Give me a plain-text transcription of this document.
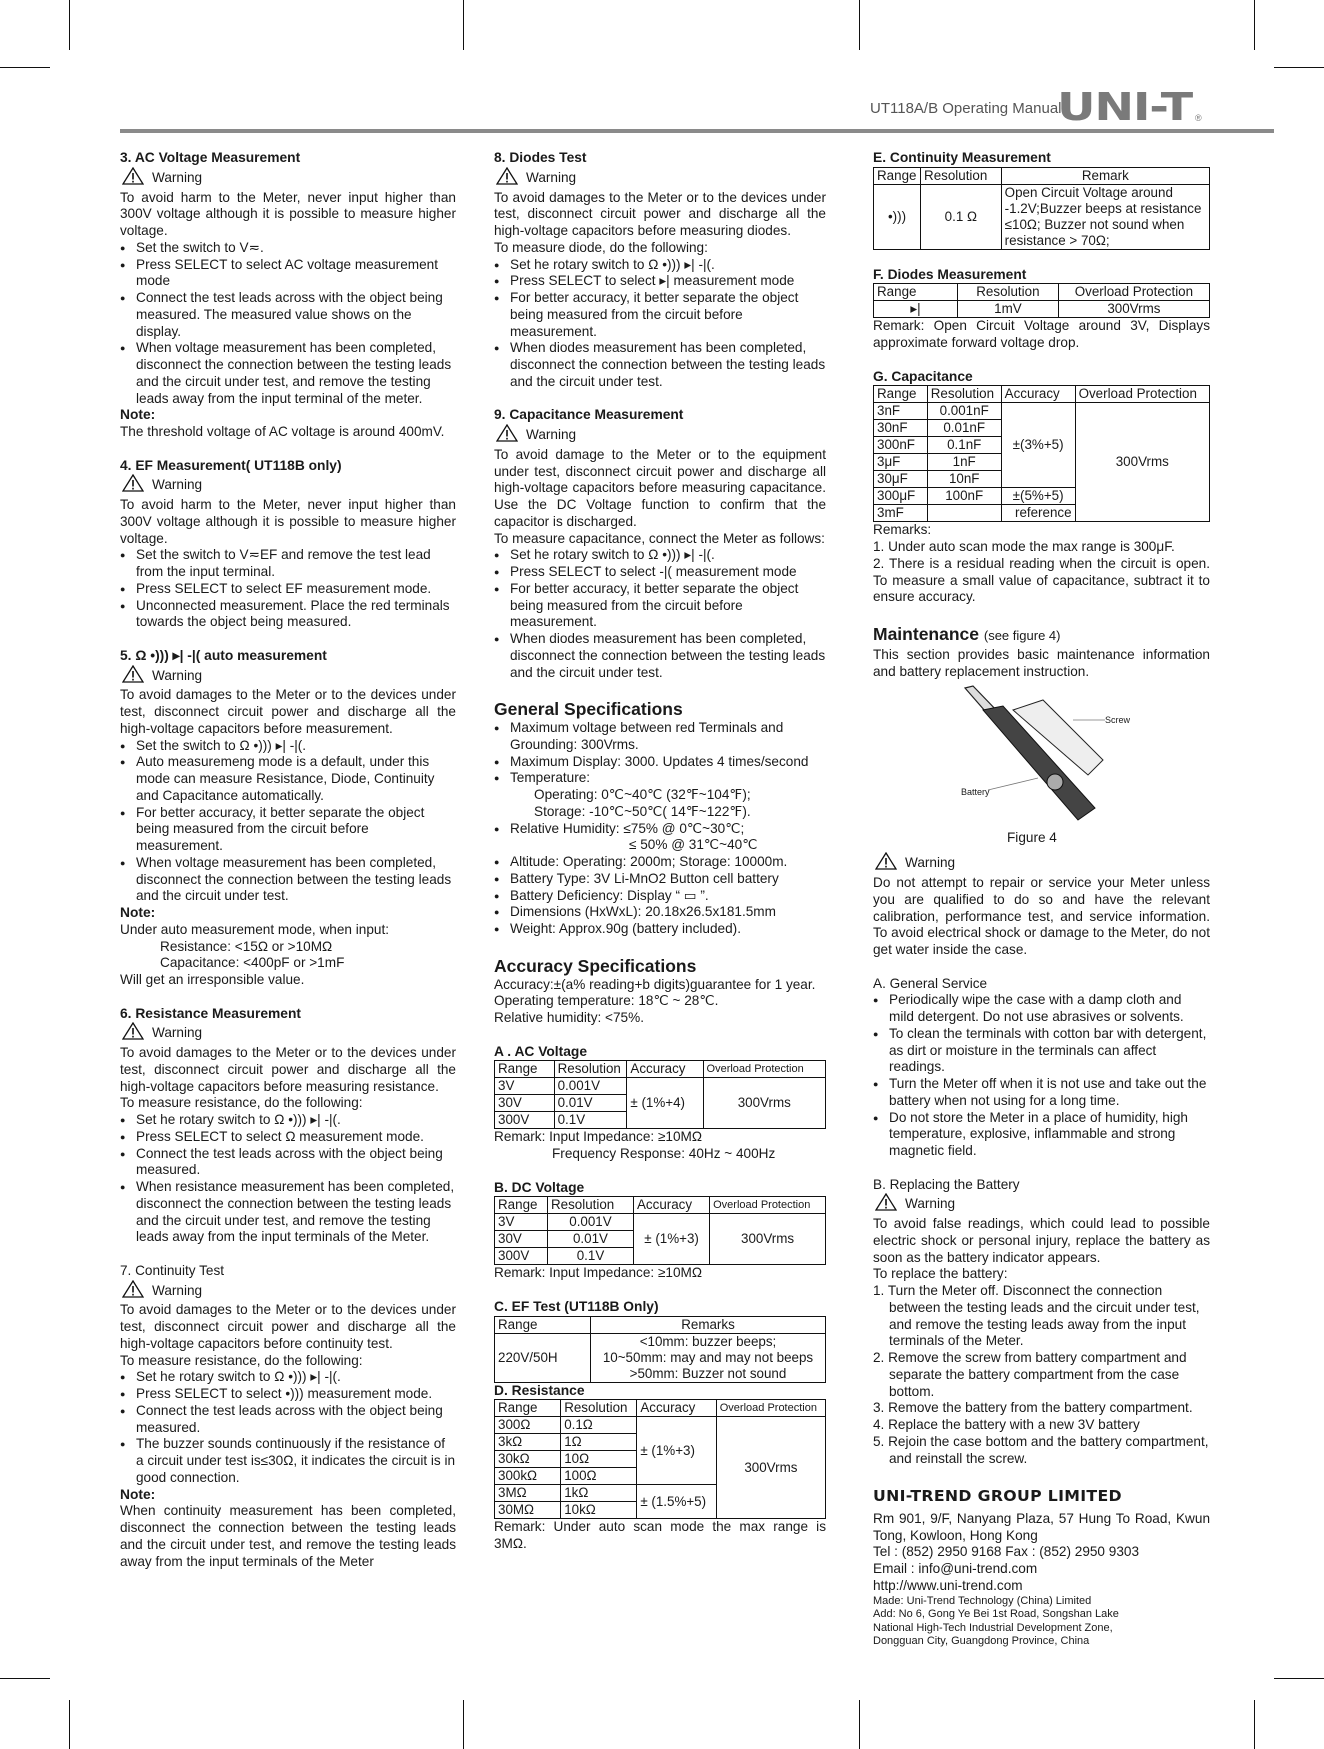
UT118A/B Operating Manual
UNI-T ®
3. AC Voltage Measurement
Warning
To avoid harm to the Meter, never input higher than 300V voltage although it is possible to measure higher voltage.
● Set the switch to V≂.
● Press SELECT to select AC voltage measurement mode
● Connect the test leads across with the object being measured. The measured value shows on the display.
● When voltage measurement has been completed, disconnect the connection between the testing leads and the circuit under test, and remove the testing leads away from the input terminal of the meter.
Note:
The threshold voltage of AC voltage is around 400mV.
4. EF Measurement( UT118B only)
Warning
To avoid harm to the Meter, never input higher than 300V voltage although it is possible to measure higher voltage.
● Set the switch to V≂EF and remove the test lead from the input terminal.
● Press SELECT to select EF measurement mode.
● Unconnected measurement. Place the red terminals towards the object being measured.
5. Ω •))) ▸| -|( auto measurement
Warning
To avoid damages to the Meter or to the devices under test, disconnect circuit power and discharge all the high-voltage capacitors before measurement.
● Set the switch to Ω •))) ▸| -|(.
● Auto measuremeng mode is a default, under this mode can measure Resistance, Diode, Continuity and Capacitance automatically.
● For better accuracy, it better separate the object being measured from the circuit before measurement.
● When voltage measurement has been completed, disconnect the connection between the testing leads and the circuit under test.
Note:
Under auto measurement mode, when input:
Resistance: <15Ω or >10MΩ
Capacitance: <400pF or >1mF
Will get an irresponsible value.
6. Resistance Measurement
Warning
To avoid damages to the Meter or to the devices under test, disconnect circuit power and discharge all the high-voltage capacitors before measuring resistance.
To measure resistance, do the following:
● Set he rotary switch to Ω •))) ▸| -|(.
● Press SELECT to select Ω measurement mode.
● Connect the test leads across with the object being measured.
● When resistance measurement has been completed, disconnect the connection between the testing leads and the circuit under test, and remove the testing leads away from the input terminals of the Meter.
7. Continuity Test
Warning
To avoid damages to the Meter or to the devices under test, disconnect circuit power and discharge all the high-voltage capacitors before continuity test.
To measure resistance, do the following:
● Set he rotary switch to Ω •))) ▸| -|(.
● Press SELECT to select •))) measurement mode.
● Connect the test leads across with the object being measured.
● The buzzer sounds continuously if the resistance of a circuit under test is≤30Ω, it indicates the circuit is in good connection.
Note:
When continuity measurement has been completed, disconnect the connection between the testing leads and the circuit under test, and remove the testing leads away from the input terminals of the Meter
8. Diodes Test
Warning
To avoid damages to the Meter or to the devices under test, disconnect circuit power and discharge all the high-voltage capacitors before measuring diodes.
To measure diode, do the following:
● Set he rotary switch to Ω •))) ▸| -|(.
● Press SELECT to select ▸| measurement mode
● For better accuracy, it better separate the object being measured from the circuit before measurement.
● When diodes measurement has been completed, disconnect the connection between the testing leads and the circuit under test.
9. Capacitance Measurement
Warning
To avoid damage to the Meter or to the equipment under test, disconnect circuit power and discharge all high-voltage capacitors before measuring capacitance. Use the DC Voltage function to confirm that the capacitor is discharged.
To measure capacitance, connect the Meter as follows:
● Set he rotary switch to Ω •))) ▸| -|(.
● Press SELECT to select -|( measurement mode
● For better accuracy, it better separate the object being measured from the circuit before measurement.
● When diodes measurement has been completed, disconnect the connection between the testing leads and the circuit under test.
General Specifications
● Maximum voltage between red Terminals and Grounding: 300Vrms.
● Maximum Display: 3000. Updates 4 times/second
● Temperature:
Operating: 0℃~40℃ (32℉~104℉);
Storage: -10℃~50℃( 14℉~122℉).
● Relative Humidity: ≤75% @ 0℃~30℃;
≤ 50% @ 31℃~40℃
● Altitude: Operating: 2000m; Storage: 10000m.
● Battery Type: 3V Li-MnO2 Button cell battery
● Battery Deficiency: Display “ ▭ ”.
● Dimensions (HxWxL): 20.18x26.5x181.5mm
● Weight: Approx.90g (battery included).
Accuracy Specifications
Accuracy:±(a% reading+b digits)guarantee for 1 year.
Operating temperature: 18℃ ~ 28℃.
Relative humidity: <75%.
A . AC Voltage
Range	Resolution	Accuracy	Overload Protection
3V	0.001V	± (1%+4)	300Vrms
30V	0.01V		
300V	0.1V		
Remark: Input Impedance: ≥10MΩ
Frequency Response: 40Hz ~ 400Hz
B. DC Voltage
Range	Resolution	Accuracy	Overload Protection
3V	0.001V	± (1%+3)	300Vrms
30V	0.01V		
300V	0.1V		
Remark: Input Impedance: ≥10MΩ
C. EF Test (UT118B Only)
Range	Remarks
220V/50H	<10mm: buzzer beeps;
10~50mm: may and may not beeps
>50mm: Buzzer not sound
D. Resistance
Range	Resolution	Accuracy	Overload Protection
300Ω	0.1Ω	± (1%+3)	300Vrms
3kΩ	1Ω		
30kΩ	10Ω		
300kΩ	100Ω		
3MΩ	1kΩ	± (1.5%+5)	
30MΩ	10kΩ		
Remark: Under auto scan mode the max range is 3MΩ.
E. Continuity Measurement
Range	Resolution	Remark
•)))	0.1 Ω	Open Circuit Voltage around -1.2V;Buzzer beeps at resistance ≤10Ω; Buzzer not sound when resistance > 70Ω;
F. Diodes Measurement
Range	Resolution	Overload Protection
▸|	1mV	300Vrms
Remark: Open Circuit Voltage around 3V, Displays approximate forward voltage drop.
G. Capacitance
Range	Resolution	Accuracy	Overload Protection
3nF	0.001nF	±(3%+5)	300Vrms
30nF	0.01nF		
300nF	0.1nF		
3μF	1nF		
30μF	10nF		
300μF	100nF	±(5%+5)	
3mF		reference	
Remarks:
1. Under auto scan mode the max range is 300μF.
2. There is a residual reading when the circuit is open. To measure a small value of capacitance, subtract it to ensure accuracy.
Maintenance (see figure 4)
This section provides basic maintenance information and battery replacement instruction.
Screw
Battery
Figure 4
Warning
Do not attempt to repair or service your Meter unless you are qualified to do so and have the relevant calibration, performance test, and service information. To avoid electrical shock or damage to the Meter, do not get water inside the case.
A. General Service
● Periodically wipe the case with a damp cloth and mild detergent. Do not use abrasives or solvents.
● To clean the terminals with cotton bar with detergent, as dirt or moisture in the terminals can affect readings.
● Turn the Meter off when it is not use and take out the battery when not using for a long time.
● Do not store the Meter in a place of humidity, high temperature, explosive, inflammable and strong magnetic field.
B. Replacing the Battery
Warning
To avoid false readings, which could lead to possible electric shock or personal injury, replace the battery as soon as the battery indicator appears.
To replace the battery:
1. Turn the Meter off. Disconnect the connection between the testing leads and the circuit under test, and remove the testing leads away from the input terminals of the Meter.
2. Remove the screw from battery compartment and separate the battery compartment from the case bottom.
3. Remove the battery from the battery compartment.
4. Replace the battery with a new 3V battery
5. Rejoin the case bottom and the battery compartment, and reinstall the screw.
UNI-TREND GROUP LIMITED
Rm 901, 9/F, Nanyang Plaza, 57 Hung To Road, Kwun Tong, Kowloon, Hong Kong
Tel : (852) 2950 9168 Fax : (852) 2950 9303
Email : info@uni-trend.com
http://www.uni-trend.com
Made: Uni-Trend Technology (China) Limited
Add: No 6, Gong Ye Bei 1st Road, Songshan Lake
National High-Tech Industrial Development Zone,
Dongguan City, Guangdong Province, China
